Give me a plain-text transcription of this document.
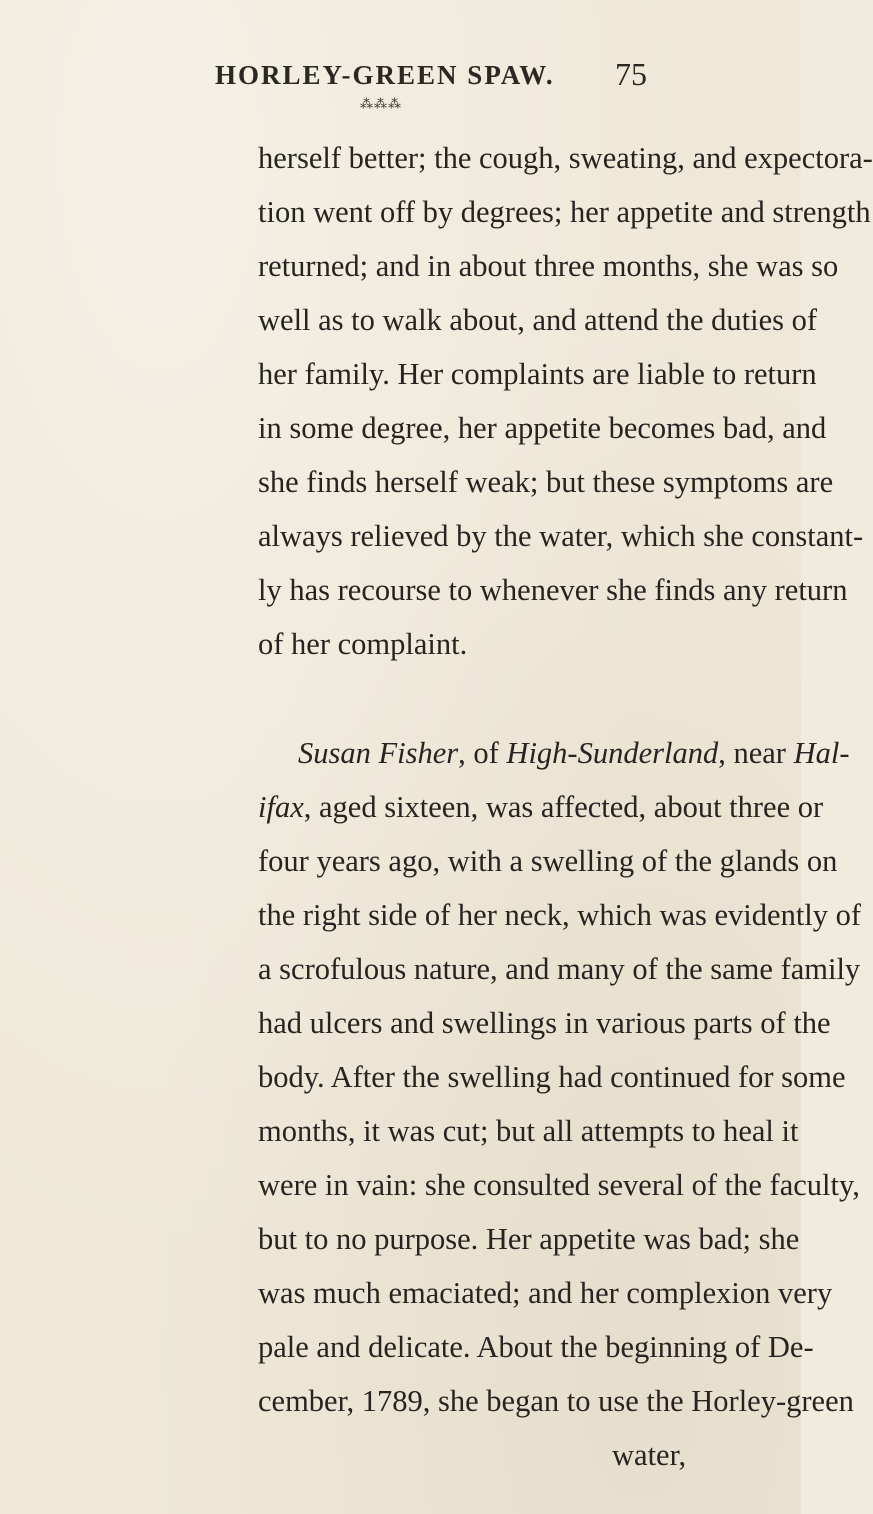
HORLEY-GREEN SPAW. 75
⁂⁂⁂
herself better; the cough, sweating, and expectora-
tion went off by degrees; her appetite and strength
returned; and in about three months, she was so
well as to walk about, and attend the duties of
her family. Her complaints are liable to return
in some degree, her appetite becomes bad, and
she finds herself weak; but these symptoms are
always relieved by the water, which she constant-
ly has recourse to whenever she finds any return
of her complaint.
Susan Fisher, of High-Sunderland, near Hal-
ifax, aged sixteen, was affected, about three or
four years ago, with a swelling of the glands on
the right side of her neck, which was evidently of
a scrofulous nature, and many of the same family
had ulcers and swellings in various parts of the
body. After the swelling had continued for some
months, it was cut; but all attempts to heal it
were in vain: she consulted several of the faculty,
but to no purpose. Her appetite was bad; she
was much emaciated; and her complexion very
pale and delicate. About the beginning of De-
cember, 1789, she began to use the Horley-green
water,
